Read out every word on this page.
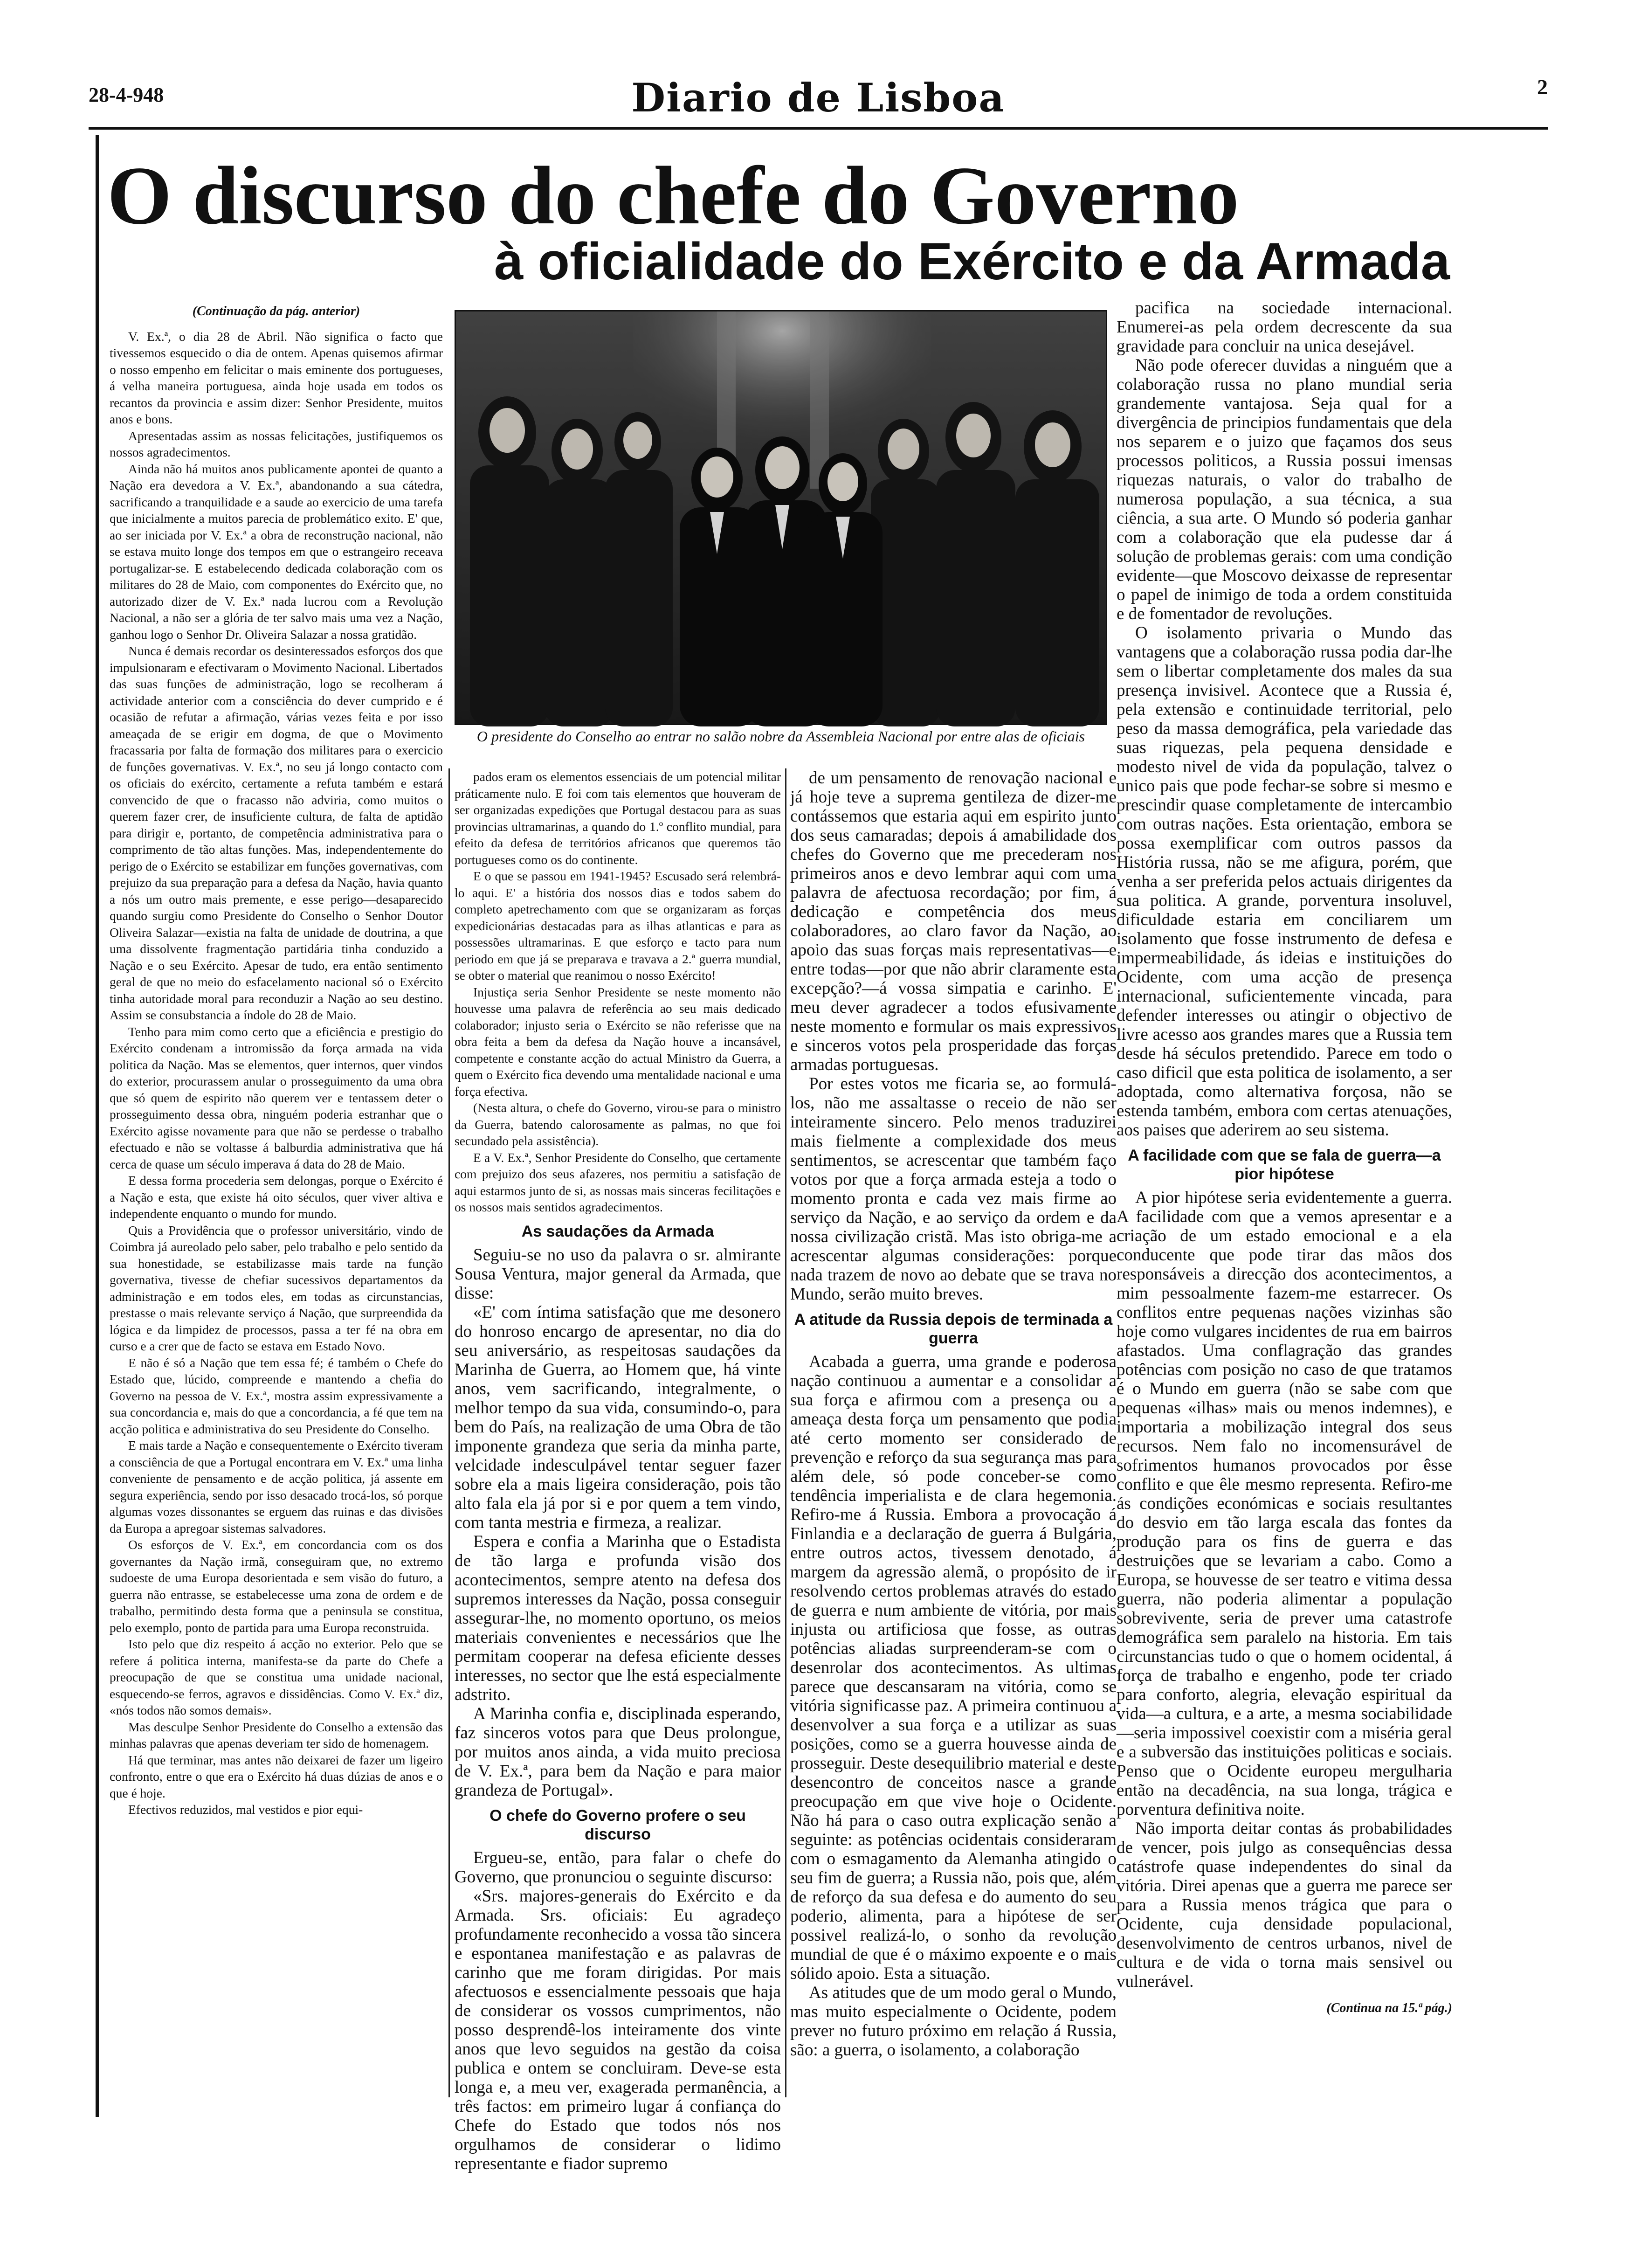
28-4-948	Diario de Lisboa	2
O discurso do chefe do Governo
à oficialidade do Exército e da Armada

(Continuação da pág. anterior)

V. Ex.ª, o dia 28 de Abril. Não significa o facto que tivessemos esquecido o dia de ontem. Apenas quisemos afirmar o nosso empenho em felicitar o mais eminente dos portugueses, á velha maneira portuguesa, ainda hoje usada em todos os recantos da provincia e assim dizer: Senhor Presidente, muitos anos e bons.

Apresentadas assim as nossas felicitações, justifiquemos os nossos agradecimentos.

Ainda não há muitos anos publicamente apontei de quanto a Nação era devedora a V. Ex.ª, abandonando a sua cátedra, sacrificando a tranquilidade e a saude ao exercicio de uma tarefa que inicialmente a muitos parecia de problemático exito. E' que, ao ser iniciada por V. Ex.ª a obra de reconstrução nacional, não se estava muito longe dos tempos em que o estrangeiro receava portugalizar-se. E estabelecendo dedicada colaboração com os militares do 28 de Maio, com componentes do Exército que, no autorizado dizer de V. Ex.ª nada lucrou com a Revolução Nacional, a não ser a glória de ter salvo mais uma vez a Nação, ganhou logo o Senhor Dr. Oliveira Salazar a nossa gratidão.

Nunca é demais recordar os desinteressados esforços dos que impulsionaram e efectivaram o Movimento Nacional. Libertados das suas funções de administração, logo se recolheram á actividade anterior com a consciência do dever cumprido e é ocasião de refutar a afirmação, várias vezes feita e por isso ameaçada de se erigir em dogma, de que o Movimento fracassaria por falta de formação dos militares para o exercicio de funções governativas. V. Ex.ª, no seu já longo contacto com os oficiais do exército, certamente a refuta também e estará convencido de que o fracasso não adviria, como muitos o querem fazer crer, de insuficiente cultura, de falta de aptidão para dirigir e, portanto, de competência administrativa para o comprimento de tão altas funções. Mas, independentemente do perigo de o Exército se estabilizar em funções governativas, com prejuizo da sua preparação para a defesa da Nação, havia quanto a nós um outro mais premente, e esse perigo—desaparecido quando surgiu como Presidente do Conselho o Senhor Doutor Oliveira Salazar—existia na falta de unidade de doutrina, a que uma dissolvente fragmentação partidária tinha conduzido a Nação e o seu Exército. Apesar de tudo, era então sentimento geral de que no meio do esfacelamento nacional só o Exército tinha autoridade moral para reconduzir a Nação ao seu destino. Assim se consubstancia a índole do 28 de Maio.

Tenho para mim como certo que a eficiência e prestigio do Exército condenam a intromissão da força armada na vida politica da Nação. Mas se elementos, quer internos, quer vindos do exterior, procurassem anular o prosseguimento da uma obra que só quem de espirito não querem ver e tentassem deter o prosseguimento dessa obra, ninguém poderia estranhar que o Exército agisse novamente para que não se perdesse o trabalho efectuado e não se voltasse á balburdia administrativa que há cerca de quase um século imperava á data do 28 de Maio.

E dessa forma procederia sem delongas, porque o Exército é a Nação e esta, que existe há oito séculos, quer viver altiva e independente enquanto o mundo for mundo.

Quis a Providência que o professor universitário, vindo de Coimbra já aureolado pelo saber, pelo trabalho e pelo sentido da sua honestidade, se estabilizasse mais tarde na função governativa, tivesse de chefiar sucessivos departamentos da administração e em todos eles, em todas as circunstancias, prestasse o mais relevante serviço á Nação, que surpreendida da lógica e da limpidez de processos, passa a ter fé na obra em curso e a crer que de facto se estava em Estado Novo.

E não é só a Nação que tem essa fé; é também o Chefe do Estado que, lúcido, compreende e mantendo a chefia do Governo na pessoa de V. Ex.ª, mostra assim expressivamente a sua concordancia e, mais do que a concordancia, a fé que tem na acção politica e administrativa do seu Presidente do Conselho.

E mais tarde a Nação e consequentemente o Exército tiveram a consciência de que a Portugal encontrara em V. Ex.ª uma linha conveniente de pensamento e de acção politica, já assente em segura experiência, sendo por isso desacado trocá-los, só porque algumas vozes dissonantes se erguem das ruinas e das divisões da Europa a apregoar sistemas salvadores.

Os esforços de V. Ex.ª, em concordancia com os dos governantes da Nação irmã, conseguiram que, no extremo sudoeste de uma Europa desorientada e sem visão do futuro, a guerra não entrasse, se estabelecesse uma zona de ordem e de trabalho, permitindo desta forma que a peninsula se constitua, pelo exemplo, ponto de partida para uma Europa reconstruida.

Isto pelo que diz respeito á acção no exterior. Pelo que se refere á politica interna, manifesta-se da parte do Chefe a preocupação de que se constitua uma unidade nacional, esquecendo-se ferros, agravos e dissidências. Como V. Ex.ª diz, «nós todos não somos demais».

Mas desculpe Senhor Presidente do Conselho a extensão das minhas palavras que apenas deveriam ter sido de homenagem.

Há que terminar, mas antes não deixarei de fazer um ligeiro confronto, entre o que era o Exército há duas dúzias de anos e o que é hoje.

Efectivos reduzidos, mal vestidos e pior equi-

O presidente do Conselho ao entrar no salão nobre da Assembleia Nacional por entre alas de oficiais

pados eram os elementos essenciais de um potencial militar práticamente nulo. E foi com tais elementos que houveram de ser organizadas expedições que Portugal destacou para as suas provincias ultramarinas, a quando do 1.º conflito mundial, para efeito da defesa de territórios africanos que queremos tão portugueses como os do continente.

E o que se passou em 1941-1945? Escusado será relembrá-lo aqui. E' a história dos nossos dias e todos sabem do completo apetrechamento com que se organizaram as forças expedicionárias destacadas para as ilhas atlanticas e para as possessões ultramarinas. E que esforço e tacto para num periodo em que já se preparava e travava a 2.ª guerra mundial, se obter o material que reanimou o nosso Exército!

Injustiça seria Senhor Presidente se neste momento não houvesse uma palavra de referência ao seu mais dedicado colaborador; injusto seria o Exército se não referisse que na obra feita a bem da defesa da Nação houve a incansável, competente e constante acção do actual Ministro da Guerra, a quem o Exército fica devendo uma mentalidade nacional e uma força efectiva.

(Nesta altura, o chefe do Governo, virou-se para o ministro da Guerra, batendo calorosamente as palmas, no que foi secundado pela assistência).

E a V. Ex.ª, Senhor Presidente do Conselho, que certamente com prejuizo dos seus afazeres, nos permitiu a satisfação de aqui estarmos junto de si, as nossas mais sinceras fecilitações e os nossos mais sentidos agradecimentos.

As saudações da Armada

Seguiu-se no uso da palavra o sr. almirante Sousa Ventura, major general da Armada, que disse:

«E' com íntima satisfação que me desonero do honroso encargo de apresentar, no dia do seu aniversário, as respeitosas saudações da Marinha de Guerra, ao Homem que, há vinte anos, vem sacrificando, integralmente, o melhor tempo da sua vida, consumindo-o, para bem do País, na realização de uma Obra de tão imponente grandeza que seria da minha parte, velcidade indesculpável tentar seguer fazer sobre ela a mais ligeira consideração, pois tão alto fala ela já por si e por quem a tem vindo, com tanta mestria e firmeza, a realizar.

Espera e confia a Marinha que o Estadista de tão larga e profunda visão dos acontecimentos, sempre atento na defesa dos supremos interesses da Nação, possa conseguir assegurar-lhe, no momento oportuno, os meios materiais convenientes e necessários que lhe permitam cooperar na defesa eficiente desses interesses, no sector que lhe está especialmente adstrito.

A Marinha confia e, disciplinada esperando, faz sinceros votos para que Deus prolongue, por muitos anos ainda, a vida muito preciosa de V. Ex.ª, para bem da Nação e para maior grandeza de Portugal».

O chefe do Governo profere o seu discurso

Ergueu-se, então, para falar o chefe do Governo, que pronunciou o seguinte discurso:

«Srs. majores-generais do Exército e da Armada. Srs. oficiais: Eu agradeço profundamente reconhecido a vossa tão sincera e espontanea manifestação e as palavras de carinho que me foram dirigidas. Por mais afectuosos e essencialmente pessoais que haja de considerar os vossos cumprimentos, não posso desprendê-los inteiramente dos vinte anos que levo seguidos na gestão da coisa publica e ontem se concluiram. Deve-se esta longa e, a meu ver, exagerada permanência, a três factos: em primeiro lugar á confiança do Chefe do Estado que todos nós nos orgulhamos de considerar o lidimo representante e fiador supremo

de um pensamento de renovação nacional e já hoje teve a suprema gentileza de dizer-me contássemos que estaria aqui em espirito junto dos seus camaradas; depois á amabilidade dos chefes do Governo que me precederam nos primeiros anos e devo lembrar aqui com uma palavra de afectuosa recordação; por fim, á dedicação e competência dos meus colaboradores, ao claro favor da Nação, ao apoio das suas forças mais representativas—e entre todas—por que não abrir claramente esta excepção?—á vossa simpatia e carinho. E' meu dever agradecer a todos efusivamente neste momento e formular os mais expressivos e sinceros votos pela prosperidade das forças armadas portuguesas.

Por estes votos me ficaria se, ao formulá-los, não me assaltasse o receio de não ser inteiramente sincero. Pelo menos traduzirei mais fielmente a complexidade dos meus sentimentos, se acrescentar que também faço votos por que a força armada esteja a todo o momento pronta e cada vez mais firme ao serviço da Nação, e ao serviço da ordem e da nossa civilização cristã. Mas isto obriga-me a acrescentar algumas considerações: porque nada trazem de novo ao debate que se trava no Mundo, serão muito breves.

A atitude da Russia depois de terminada a guerra

Acabada a guerra, uma grande e poderosa nação continuou a aumentar e a consolidar a sua força e afirmou com a presença ou a ameaça desta força um pensamento que podia até certo momento ser considerado de prevenção e reforço da sua segurança mas para além dele, só pode conceber-se como tendência imperialista e de clara hegemonia. Refiro-me á Russia. Embora a provocação á Finlandia e a declaração de guerra á Bulgária, entre outros actos, tivessem denotado, á margem da agressão alemã, o propósito de ir resolvendo certos problemas através do estado de guerra e num ambiente de vitória, por mais injusta ou artificiosa que fosse, as outras potências aliadas surpreenderam-se com o desenrolar dos acontecimentos. As ultimas parece que descansaram na vitória, como se vitória significasse paz. A primeira continuou a desenvolver a sua força e a utilizar as suas posições, como se a guerra houvesse ainda de prosseguir. Deste desequilibrio material e deste desencontro de conceitos nasce a grande preocupação em que vive hoje o Ocidente. Não há para o caso outra explicação senão a seguinte: as potências ocidentais consideraram com o esmagamento da Alemanha atingido o seu fim de guerra; a Russia não, pois que, além de reforço da sua defesa e do aumento do seu poderio, alimenta, para a hipótese de ser possivel realizá-lo, o sonho da revolução mundial de que é o máximo expoente e o mais sólido apoio. Esta a situação.

As atitudes que de um modo geral o Mundo, mas muito especialmente o Ocidente, podem prever no futuro próximo em relação á Russia, são: a guerra, o isolamento, a colaboração

pacifica na sociedade internacional. Enumerei-as pela ordem decrescente da sua gravidade para concluir na unica desejável.

Não pode oferecer duvidas a ninguém que a colaboração russa no plano mundial seria grandemente vantajosa. Seja qual for a divergência de principios fundamentais que dela nos separem e o juizo que façamos dos seus processos politicos, a Russia possui imensas riquezas naturais, o valor do trabalho de numerosa população, a sua técnica, a sua ciência, a sua arte. O Mundo só poderia ganhar com a colaboração que ela pudesse dar á solução de problemas gerais: com uma condição evidente—que Moscovo deixasse de representar o papel de inimigo de toda a ordem constituida e de fomentador de revoluções.

O isolamento privaria o Mundo das vantagens que a colaboração russa podia dar-lhe sem o libertar completamente dos males da sua presença invisivel. Acontece que a Russia é, pela extensão e continuidade territorial, pelo peso da massa demográfica, pela variedade das suas riquezas, pela pequena densidade e modesto nivel de vida da população, talvez o unico pais que pode fechar-se sobre si mesmo e prescindir quase completamente de intercambio com outras nações. Esta orientação, embora se possa exemplificar com outros passos da História russa, não se me afigura, porém, que venha a ser preferida pelos actuais dirigentes da sua politica. A grande, porventura insoluvel, dificuldade estaria em conciliarem um isolamento que fosse instrumento de defesa e impermeabilidade, ás ideias e instituições do Ocidente, com uma acção de presença internacional, suficientemente vincada, para defender interesses ou atingir o objectivo de livre acesso aos grandes mares que a Russia tem desde há séculos pretendido. Parece em todo o caso dificil que esta politica de isolamento, a ser adoptada, como alternativa forçosa, não se estenda também, embora com certas atenuações, aos paises que aderirem ao seu sistema.

A facilidade com que se fala de guerra—a pior hipótese

A pior hipótese seria evidentemente a guerra. A facilidade com que a vemos apresentar e a criação de um estado emocional e a ela conducente que pode tirar das mãos dos responsáveis a direcção dos acontecimentos, a mim pessoalmente fazem-me estarrecer. Os conflitos entre pequenas nações vizinhas são hoje como vulgares incidentes de rua em bairros afastados. Uma conflagração das grandes potências com posição no caso de que tratamos é o Mundo em guerra (não se sabe com que pequenas «ilhas» mais ou menos indemnes), e importaria a mobilização integral dos seus recursos. Nem falo no incomensurável de sofrimentos humanos provocados por êsse conflito e que êle mesmo representa. Refiro-me ás condições económicas e sociais resultantes do desvio em tão larga escala das fontes da produção para os fins de guerra e das destruições que se levariam a cabo. Como a Europa, se houvesse de ser teatro e vitima dessa guerra, não poderia alimentar a população sobrevivente, seria de prever uma catastrofe demográfica sem paralelo na historia. Em tais circunstancias tudo o que o homem ocidental, á força de trabalho e engenho, pode ter criado para conforto, alegria, elevação espiritual da vida—a cultura, e a arte, a mesma sociabilidade—seria impossivel coexistir com a miséria geral e a subversão das instituições politicas e sociais. Penso que o Ocidente europeu mergulharia então na decadência, na sua longa, trágica e porventura definitiva noite.

Não importa deitar contas ás probabilidades de vencer, pois julgo as consequências dessa catástrofe quase independentes do sinal da vitória. Direi apenas que a guerra me parece ser para a Russia menos trágica que para o Ocidente, cuja densidade populacional, desenvolvimento de centros urbanos, nivel de cultura e de vida o torna mais sensivel ou vulnerável.

(Continua na 15.ª pág.)
